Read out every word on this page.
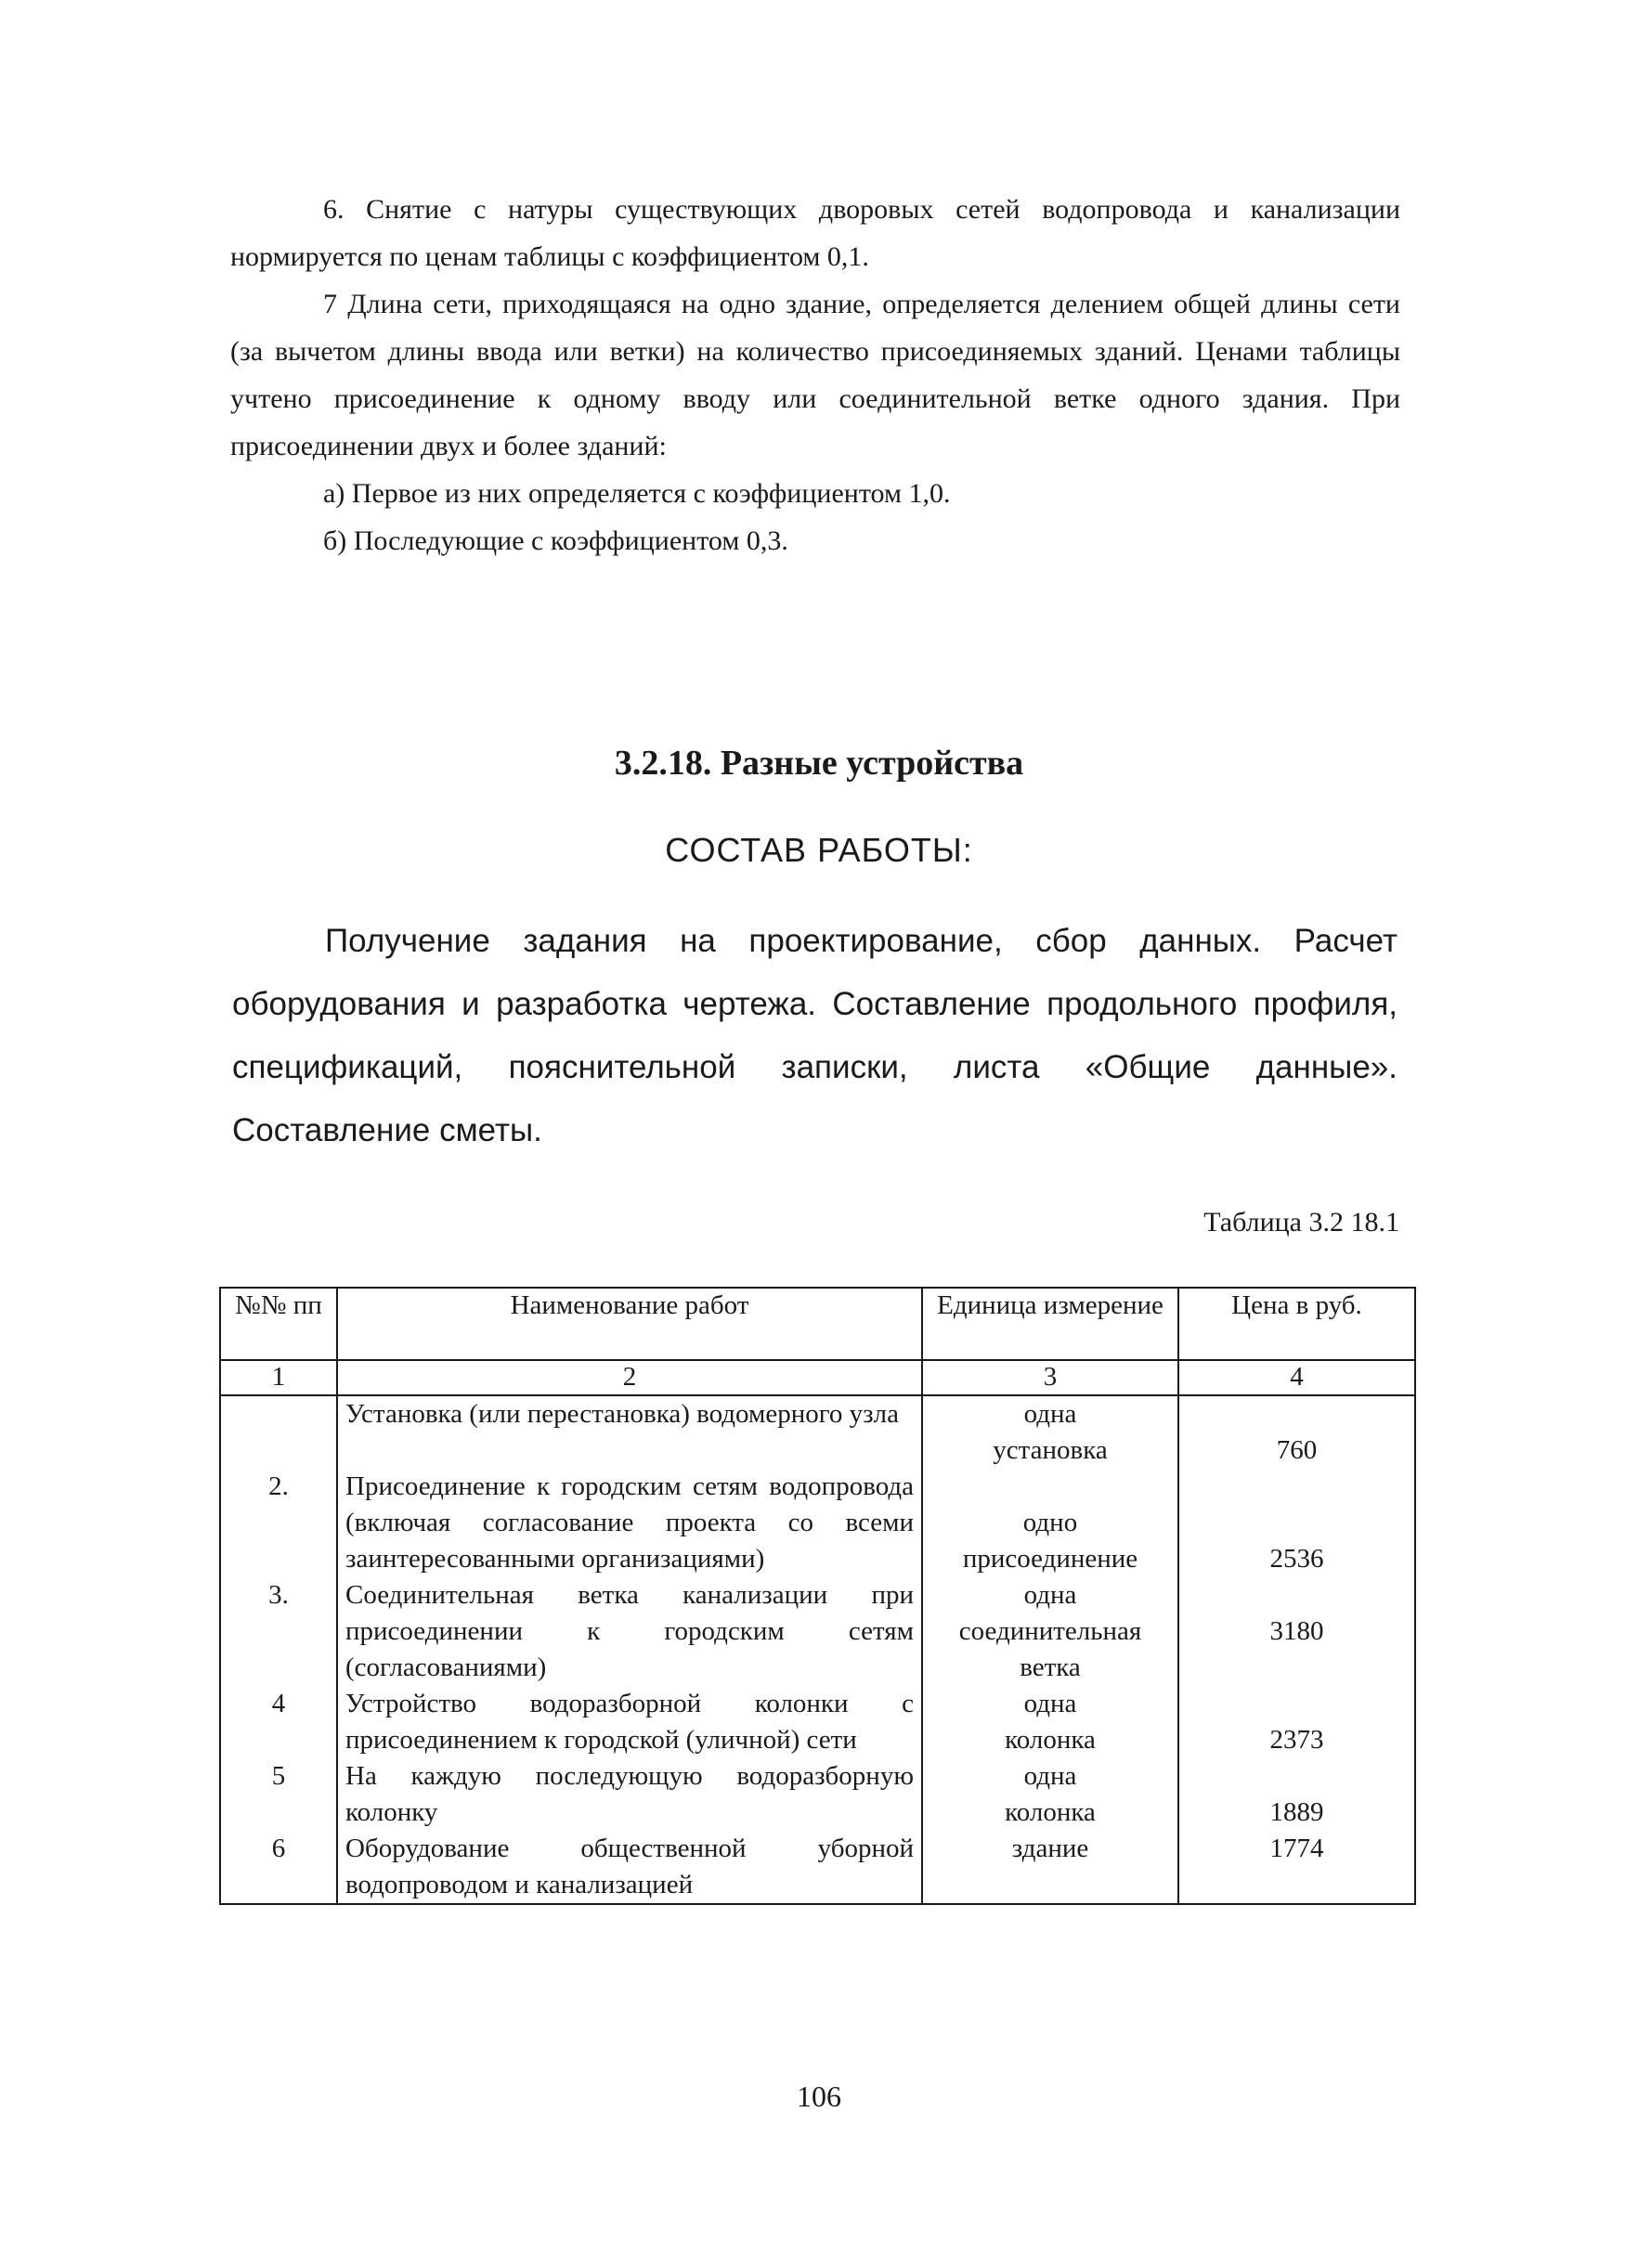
6. Снятие с натуры существующих дворовых сетей водопровода и канализации нормируется по ценам таблицы с коэффициентом 0,1.

7 Длина сети, приходящаяся на одно здание, определяется делением общей длины сети (за вычетом длины ввода или ветки) на количество присоединяемых зданий. Ценами таблицы учтено присоединение к одному вводу или соединительной ветке одного здания. При присоединении двух и более зданий:

а) Первое из них определяется с коэффициентом 1,0.

б) Последующие с коэффициентом 0,3.

3.2.18. Разные устройства
СОСТАВ РАБОТЫ:
Получение задания на проектирование, сбор данных. Расчет оборудования и разработка чертежа. Составление продольного профиля, спецификаций, пояснительной записки, листа «Общие данные». Составление сметы.
Таблица 3.2 18.1
№№ пп	Наименование работ	Единица измерение	Цена в руб.
1	2	3	4
	Установка (или перестановка) водомерного узла	одна установка	760
2.	Присоединение к городским сетям водопровода (включая согласование проекта со всеми заинтересованными организациями)	одно присоединение	2536
3.	Соединительная ветка канализации при присоединении к городским сетям (согласованиями)	одна соединительная ветка	3180
4	Устройство водоразборной колонки с присоединением к городской (уличной) сети	одна колонка	2373
5	На каждую последующую водоразборную колонку	одна колонка	1889
6	Оборудование общественной уборной водопроводом и канализацией	здание	1774
106
